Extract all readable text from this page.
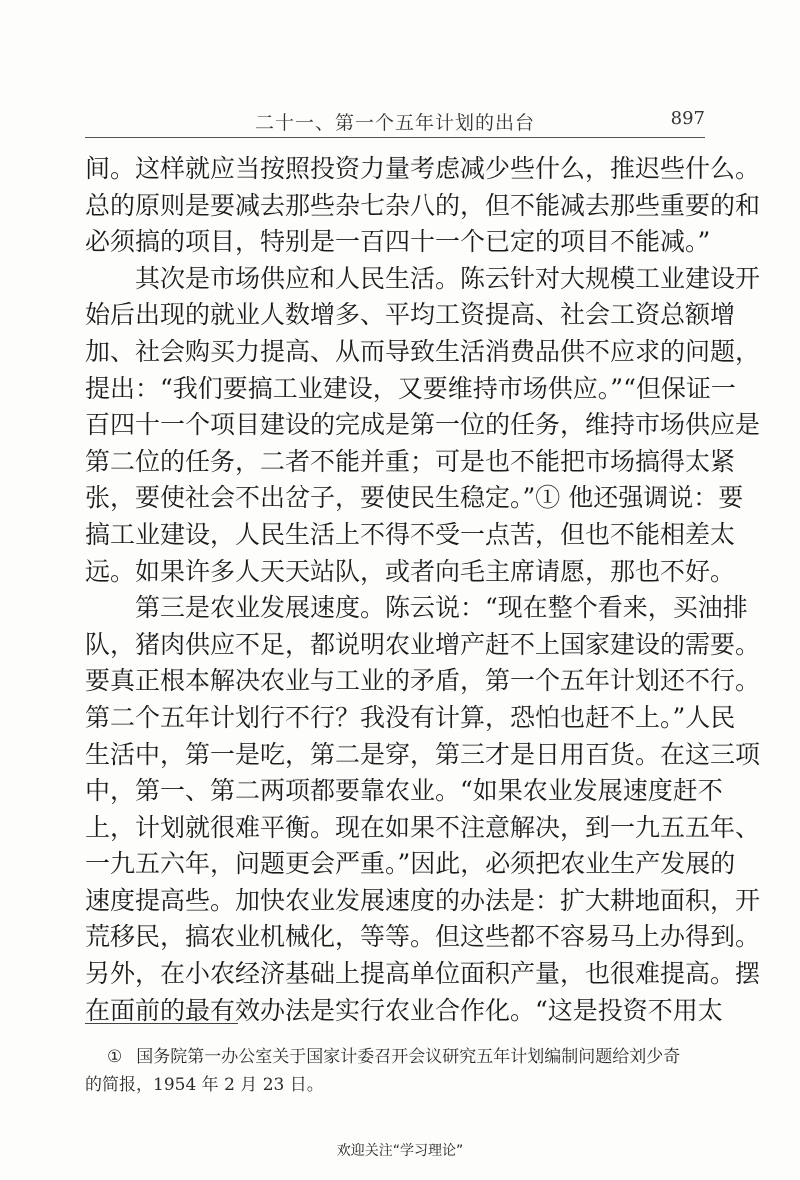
二十一、第一个五年计划的出台	897
间。这样就应当按照投资力量考虑减少些什么，推迟些什么。
总的原则是要减去那些杂七杂八的，但不能减去那些重要的和
必须搞的项目，特别是一百四十一个已定的项目不能减。”
其次是市场供应和人民生活。陈云针对大规模工业建设开
始后出现的就业人数增多、平均工资提高、社会工资总额增
加、社会购买力提高、从而导致生活消费品供不应求的问题，
提出：“我们要搞工业建设，又要维持市场供应。”“但保证一
百四十一个项目建设的完成是第一位的任务，维持市场供应是
第二位的任务，二者不能并重；可是也不能把市场搞得太紧
张，要使社会不出岔子，要使民生稳定。”① 他还强调说：要
搞工业建设，人民生活上不得不受一点苦，但也不能相差太
远。如果许多人天天站队，或者向毛主席请愿，那也不好。
第三是农业发展速度。陈云说：“现在整个看来，买油排
队，猪肉供应不足，都说明农业增产赶不上国家建设的需要。
要真正根本解决农业与工业的矛盾，第一个五年计划还不行。
第二个五年计划行不行？我没有计算，恐怕也赶不上。”人民
生活中，第一是吃，第二是穿，第三才是日用百货。在这三项
中，第一、第二两项都要靠农业。“如果农业发展速度赶不
上，计划就很难平衡。现在如果不注意解决，到一九五五年、
一九五六年，问题更会严重。”因此，必须把农业生产发展的
速度提高些。加快农业发展速度的办法是：扩大耕地面积，开
荒移民，搞农业机械化，等等。但这些都不容易马上办得到。
另外，在小农经济基础上提高单位面积产量，也很难提高。摆
在面前的最有效办法是实行农业合作化。“这是投资不用太
① 国务院第一办公室关于国家计委召开会议研究五年计划编制问题给刘少奇
的简报，1954 年 2 月 23 日。
欢迎关注“学习理论”
